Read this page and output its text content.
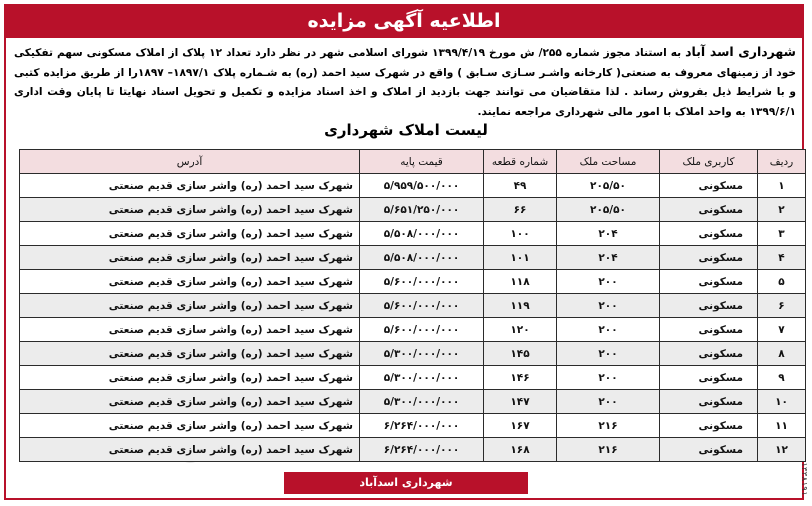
اطلاعیه آگهی مزایده

شهرداری اسد آباد به استناد مجوز شماره ۲۵۵/ ش مورخ ۱۳۹۹/۴/۱۹ شورای اسلامی شهر در نظر دارد تعداد ۱۲ پلاک از املاک مسکونی سهم تفکیکی خود از زمینهای معروف به صنعتی( کارخانه واشـر سـازی سـابق ) واقع در شهرک سید احمد (ره) به شـماره پلاک ۱۸۹۷/۱– ۱۸۹۷را از طریق مزایده کتبی و با شرایط ذیل بفروش رساند . لذا متقاضیان می توانند جهت بازدید از املاک و اخذ اسناد مزایده و تکمیل و تحویل اسناد نهایتا تا پایان وقت اداری ۱۳۹۹/۶/۱ به واحد املاک با امور مالی شهرداری مراجعه نمایند.

لیست املاک شهرداری
ردیف	کاربری ملک	مساحت ملک	شماره قطعه	قیمت پایه	آدرس
۱	مسکونی	۲۰۵/۵۰	۴۹	۵/۹۵۹/۵۰۰/۰۰۰	شهرک سید احمد (ره) واشر سازی قدیم صنعتی
۲	مسکونی	۲۰۵/۵۰	۶۶	۵/۶۵۱/۲۵۰/۰۰۰	شهرک سید احمد (ره) واشر سازی قدیم صنعتی
۳	مسکونی	۲۰۴	۱۰۰	۵/۵۰۸/۰۰۰/۰۰۰	شهرک سید احمد (ره) واشر سازی قدیم صنعتی
۴	مسکونی	۲۰۴	۱۰۱	۵/۵۰۸/۰۰۰/۰۰۰	شهرک سید احمد (ره) واشر سازی قدیم صنعتی
۵	مسکونی	۲۰۰	۱۱۸	۵/۶۰۰/۰۰۰/۰۰۰	شهرک سید احمد (ره) واشر سازی قدیم صنعتی
۶	مسکونی	۲۰۰	۱۱۹	۵/۶۰۰/۰۰۰/۰۰۰	شهرک سید احمد (ره) واشر سازی قدیم صنعتی
۷	مسکونی	۲۰۰	۱۲۰	۵/۶۰۰/۰۰۰/۰۰۰	شهرک سید احمد (ره) واشر سازی قدیم صنعتی
۸	مسکونی	۲۰۰	۱۴۵	۵/۳۰۰/۰۰۰/۰۰۰	شهرک سید احمد (ره) واشر سازی قدیم صنعتی
۹	مسکونی	۲۰۰	۱۴۶	۵/۳۰۰/۰۰۰/۰۰۰	شهرک سید احمد (ره) واشر سازی قدیم صنعتی
۱۰	مسکونی	۲۰۰	۱۴۷	۵/۳۰۰/۰۰۰/۰۰۰	شهرک سید احمد (ره) واشر سازی قدیم صنعتی
۱۱	مسکونی	۲۱۶	۱۶۷	۶/۲۶۴/۰۰۰/۰۰۰	شهرک سید احمد (ره) واشر سازی قدیم صنعتی
۱۲	مسکونی	۲۱۶	۱۶۸	۶/۲۶۴/۰۰۰/۰۰۰	شهرک سید احمد (ره) واشر سازی قدیم صنعتی
شهرداری اسدآباد	۱۳۳۸۱۹۱
